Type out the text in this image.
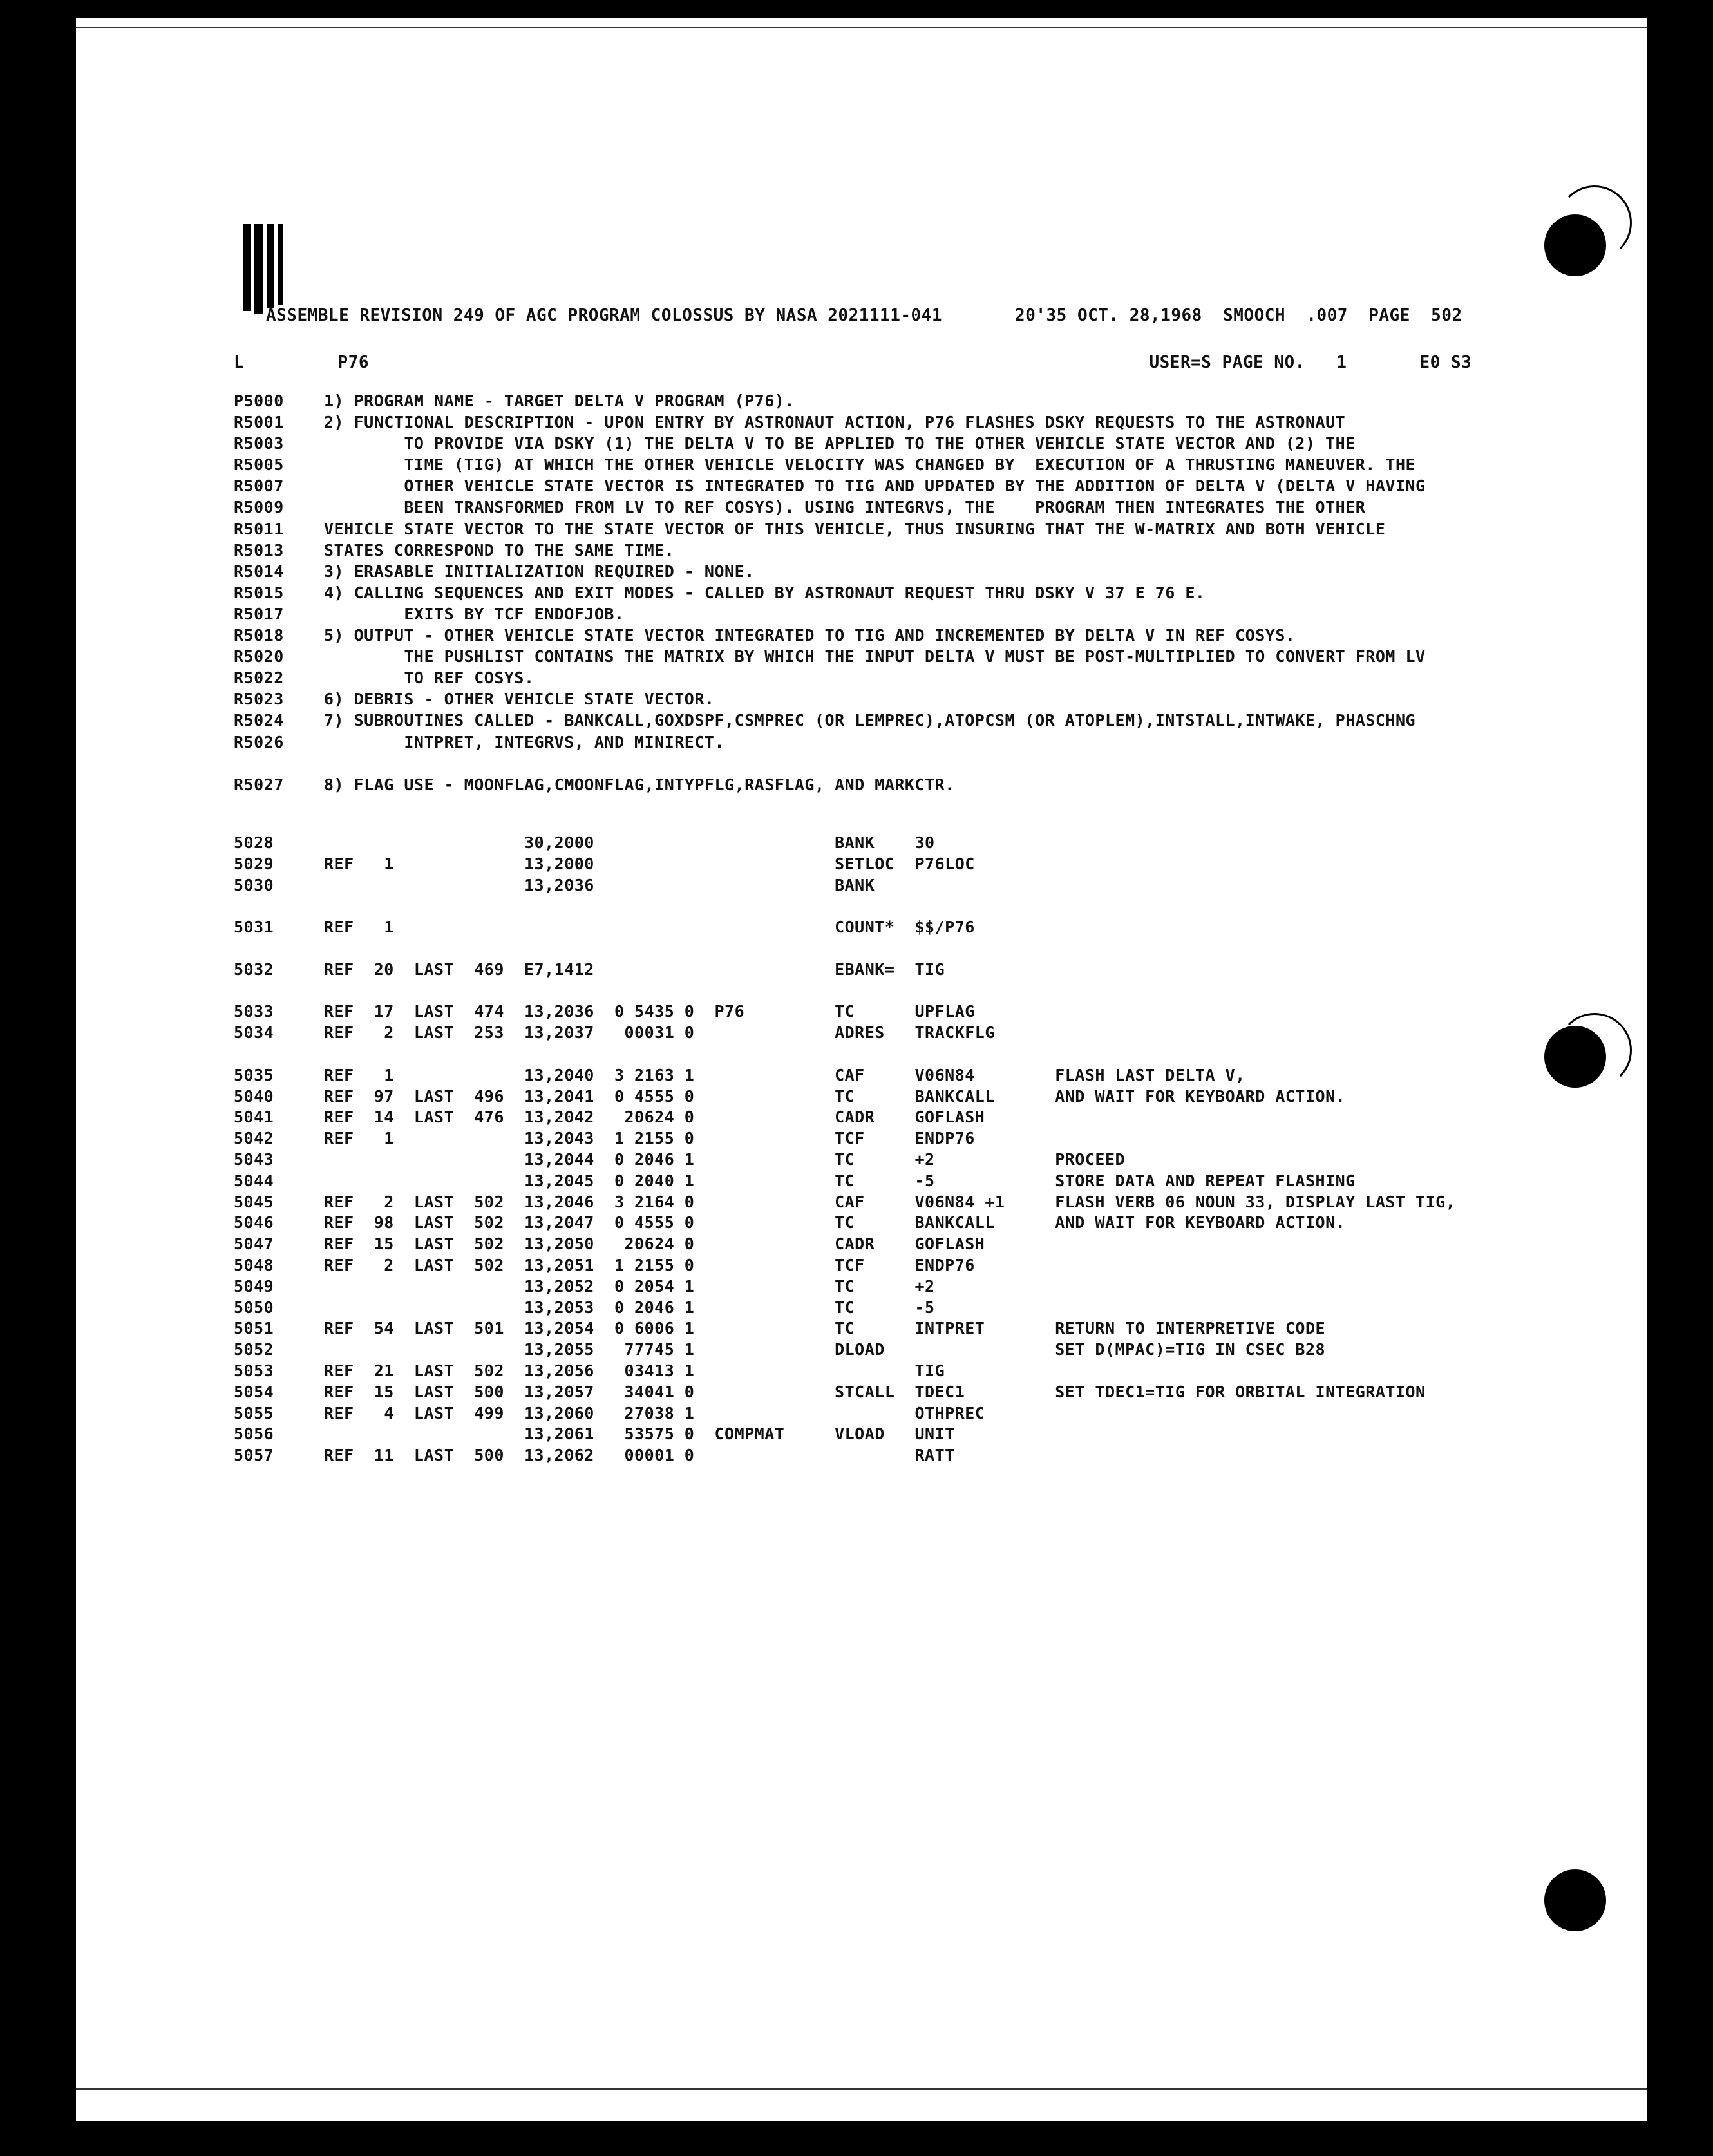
ASSEMBLE REVISION 249 OF AGC PROGRAM COLOSSUS BY NASA 2021111-041       20'35 OCT. 28,1968  SMOOCH  .007  PAGE  502
L         P76                                                                           USER=S PAGE NO.   1       E0 S3
P5000    1) PROGRAM NAME - TARGET DELTA V PROGRAM (P76).
R5001    2) FUNCTIONAL DESCRIPTION - UPON ENTRY BY ASTRONAUT ACTION, P76 FLASHES DSKY REQUESTS TO THE ASTRONAUT
R5003            TO PROVIDE VIA DSKY (1) THE DELTA V TO BE APPLIED TO THE OTHER VEHICLE STATE VECTOR AND (2) THE
R5005            TIME (TIG) AT WHICH THE OTHER VEHICLE VELOCITY WAS CHANGED BY  EXECUTION OF A THRUSTING MANEUVER. THE
R5007            OTHER VEHICLE STATE VECTOR IS INTEGRATED TO TIG AND UPDATED BY THE ADDITION OF DELTA V (DELTA V HAVING
R5009            BEEN TRANSFORMED FROM LV TO REF COSYS). USING INTEGRVS, THE    PROGRAM THEN INTEGRATES THE OTHER
R5011    VEHICLE STATE VECTOR TO THE STATE VECTOR OF THIS VEHICLE, THUS INSURING THAT THE W-MATRIX AND BOTH VEHICLE
R5013    STATES CORRESPOND TO THE SAME TIME.
R5014    3) ERASABLE INITIALIZATION REQUIRED - NONE.
R5015    4) CALLING SEQUENCES AND EXIT MODES - CALLED BY ASTRONAUT REQUEST THRU DSKY V 37 E 76 E.
R5017            EXITS BY TCF ENDOFJOB.
R5018    5) OUTPUT - OTHER VEHICLE STATE VECTOR INTEGRATED TO TIG AND INCREMENTED BY DELTA V IN REF COSYS.
R5020            THE PUSHLIST CONTAINS THE MATRIX BY WHICH THE INPUT DELTA V MUST BE POST-MULTIPLIED TO CONVERT FROM LV
R5022            TO REF COSYS.
R5023    6) DEBRIS - OTHER VEHICLE STATE VECTOR.
R5024    7) SUBROUTINES CALLED - BANKCALL,GOXDSPF,CSMPREC (OR LEMPREC),ATOPCSM (OR ATOPLEM),INTSTALL,INTWAKE, PHASCHNG
R5026            INTPRET, INTEGRVS, AND MINIRECT.

R5027    8) FLAG USE - MOONFLAG,CMOONFLAG,INTYPFLG,RASFLAG, AND MARKCTR.
5028                         30,2000                        BANK    30
5029     REF   1             13,2000                        SETLOC  P76LOC
5030                         13,2036                        BANK

5031     REF   1                                            COUNT*  $$/P76

5032     REF  20  LAST  469  E7,1412                        EBANK=  TIG

5033     REF  17  LAST  474  13,2036  0 5435 0  P76         TC      UPFLAG
5034     REF   2  LAST  253  13,2037   00031 0              ADRES   TRACKFLG

5035     REF   1             13,2040  3 2163 1              CAF     V06N84        FLASH LAST DELTA V,
5040     REF  97  LAST  496  13,2041  0 4555 0              TC      BANKCALL      AND WAIT FOR KEYBOARD ACTION.
5041     REF  14  LAST  476  13,2042   20624 0              CADR    GOFLASH
5042     REF   1             13,2043  1 2155 0              TCF     ENDP76
5043                         13,2044  0 2046 1              TC      +2            PROCEED
5044                         13,2045  0 2040 1              TC      -5            STORE DATA AND REPEAT FLASHING
5045     REF   2  LAST  502  13,2046  3 2164 0              CAF     V06N84 +1     FLASH VERB 06 NOUN 33, DISPLAY LAST TIG,
5046     REF  98  LAST  502  13,2047  0 4555 0              TC      BANKCALL      AND WAIT FOR KEYBOARD ACTION.
5047     REF  15  LAST  502  13,2050   20624 0              CADR    GOFLASH
5048     REF   2  LAST  502  13,2051  1 2155 0              TCF     ENDP76
5049                         13,2052  0 2054 1              TC      +2
5050                         13,2053  0 2046 1              TC      -5
5051     REF  54  LAST  501  13,2054  0 6006 1              TC      INTPRET       RETURN TO INTERPRETIVE CODE
5052                         13,2055   77745 1              DLOAD                 SET D(MPAC)=TIG IN CSEC B28
5053     REF  21  LAST  502  13,2056   03413 1                      TIG
5054     REF  15  LAST  500  13,2057   34041 0              STCALL  TDEC1         SET TDEC1=TIG FOR ORBITAL INTEGRATION
5055     REF   4  LAST  499  13,2060   27038 1                      OTHPREC
5056                         13,2061   53575 0  COMPMAT     VLOAD   UNIT
5057     REF  11  LAST  500  13,2062   00001 0                      RATT
